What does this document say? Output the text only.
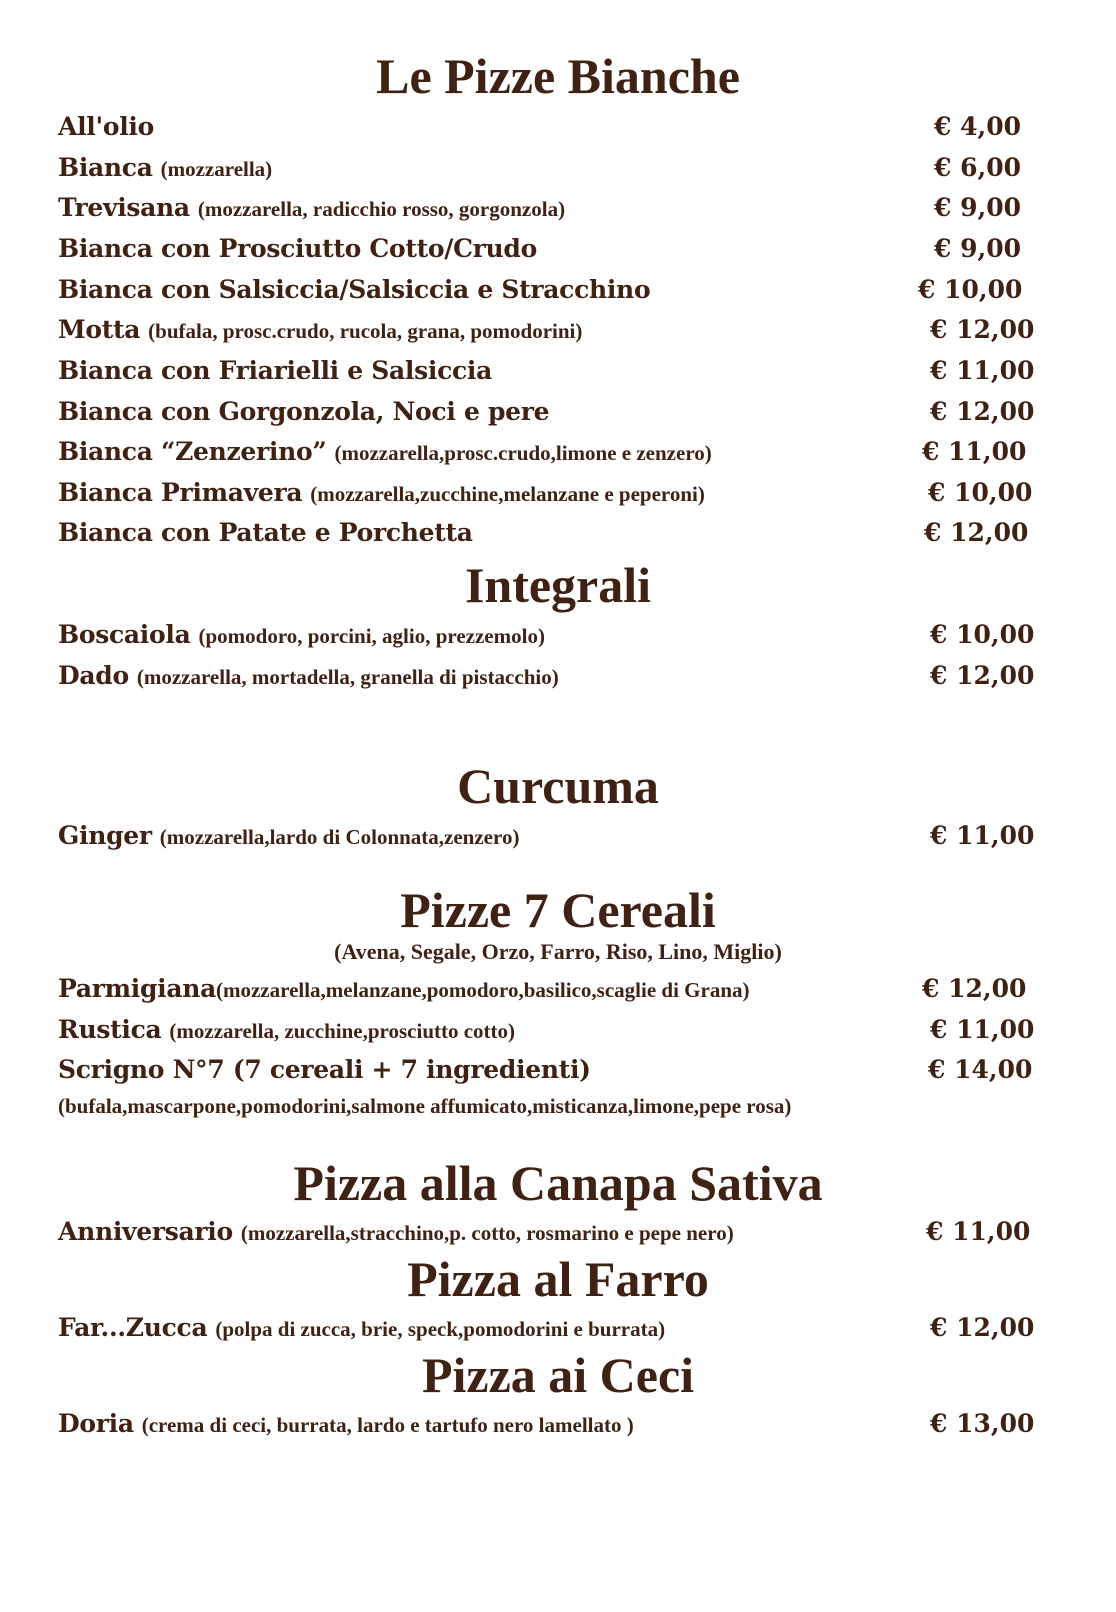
Le Pizze Bianche
All'olio	€ 4,00
Bianca (mozzarella)	€ 6,00
Trevisana (mozzarella, radicchio rosso, gorgonzola)	€ 9,00
Bianca con Prosciutto Cotto/Crudo	€ 9,00
Bianca con Salsiccia/Salsiccia e Stracchino	€ 10,00
Motta (bufala, prosc.crudo, rucola, grana, pomodorini)	€ 12,00
Bianca con Friarielli e Salsiccia	€ 11,00
Bianca con Gorgonzola, Noci e pere	€ 12,00
Bianca “Zenzerino” (mozzarella,prosc.crudo,limone e zenzero)	€ 11,00
Bianca Primavera (mozzarella,zucchine,melanzane e peperoni)	€ 10,00
Bianca con Patate e Porchetta	€ 12,00
Integrali
Boscaiola (pomodoro, porcini, aglio, prezzemolo)	€ 10,00
Dado (mozzarella, mortadella, granella di pistacchio)	€ 12,00
Curcuma
Ginger (mozzarella,lardo di Colonnata,zenzero)	€ 11,00
Pizze 7 Cereali
(Avena, Segale, Orzo, Farro, Riso, Lino, Miglio)
Parmigiana(mozzarella,melanzane,pomodoro,basilico,scaglie di Grana)	€ 12,00
Rustica (mozzarella, zucchine,prosciutto cotto)	€ 11,00
Scrigno N°7 (7 cereali + 7 ingredienti)	€ 14,00
(bufala,mascarpone,pomodorini,salmone affumicato,misticanza,limone,pepe rosa)
Pizza alla Canapa Sativa
Anniversario (mozzarella,stracchino,p. cotto, rosmarino e pepe nero)	€ 11,00
Pizza al Farro
Far...Zucca (polpa di zucca, brie, speck,pomodorini e burrata)	€ 12,00
Pizza ai Ceci
Doria (crema di ceci, burrata, lardo e tartufo nero lamellato )	€ 13,00
